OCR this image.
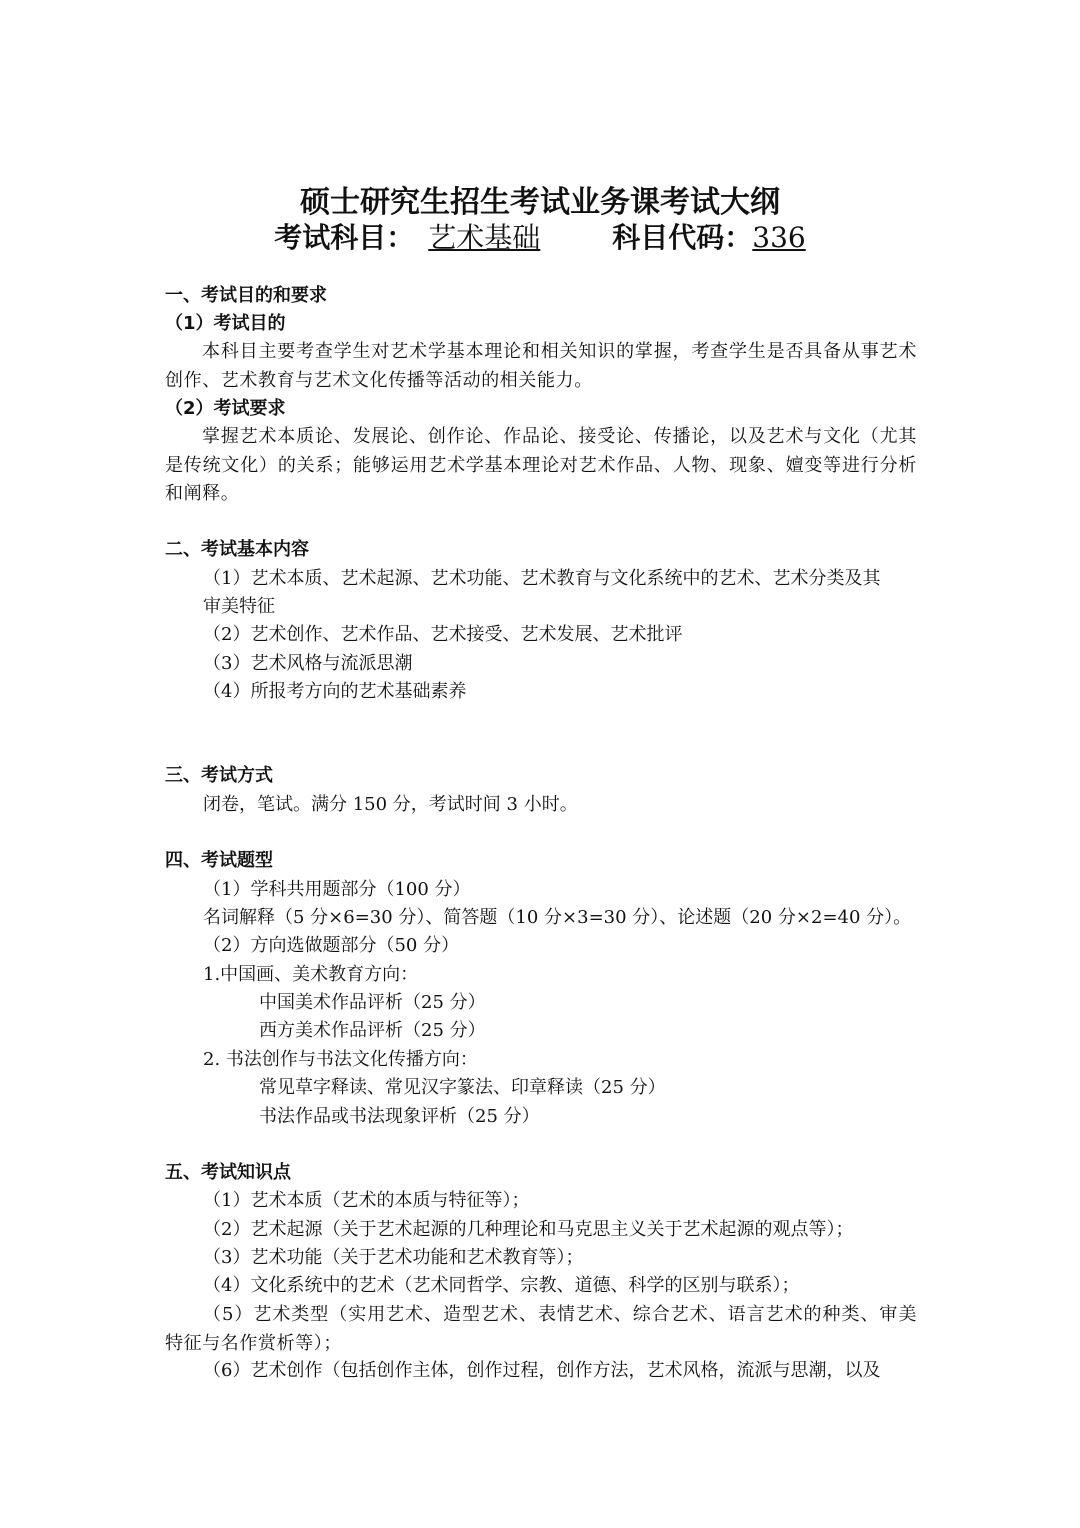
硕士研究生招生考试业务课考试大纲
考试科目： 艺术基础	科目代码：336
一、考试目的和要求
（1）考试目的
本科目主要考查学生对艺术学基本理论和相关知识的掌握，考查学生是否具备从事艺术创作、艺术教育与艺术文化传播等活动的相关能力。
（2）考试要求
掌握艺术本质论、发展论、创作论、作品论、接受论、传播论，以及艺术与文化（尤其是传统文化）的关系；能够运用艺术学基本理论对艺术作品、人物、现象、嬗变等进行分析和阐释。
二、考试基本内容
（1）艺术本质、艺术起源、艺术功能、艺术教育与文化系统中的艺术、艺术分类及其
审美特征
（2）艺术创作、艺术作品、艺术接受、艺术发展、艺术批评
（3）艺术风格与流派思潮
（4）所报考方向的艺术基础素养
三、考试方式
闭卷，笔试。满分 150 分，考试时间 3 小时。
四、考试题型
（1）学科共用题部分（100 分）
名词解释（5 分×6=30 分）、简答题（10 分×3=30 分）、论述题（20 分×2=40 分）。
（2）方向选做题部分（50 分）
1.中国画、美术教育方向：
中国美术作品评析（25 分）
西方美术作品评析（25 分）
2. 书法创作与书法文化传播方向：
常见草字释读、常见汉字篆法、印章释读（25 分）
书法作品或书法现象评析（25 分）
五、考试知识点
（1）艺术本质（艺术的本质与特征等）；
（2）艺术起源（关于艺术起源的几种理论和马克思主义关于艺术起源的观点等）；
（3）艺术功能（关于艺术功能和艺术教育等）；
（4）文化系统中的艺术（艺术同哲学、宗教、道德、科学的区别与联系）；
（5）艺术类型（实用艺术、造型艺术、表情艺术、综合艺术、语言艺术的种类、审美特征与名作赏析等）；
（6）艺术创作（包括创作主体，创作过程，创作方法，艺术风格，流派与思潮，以及
